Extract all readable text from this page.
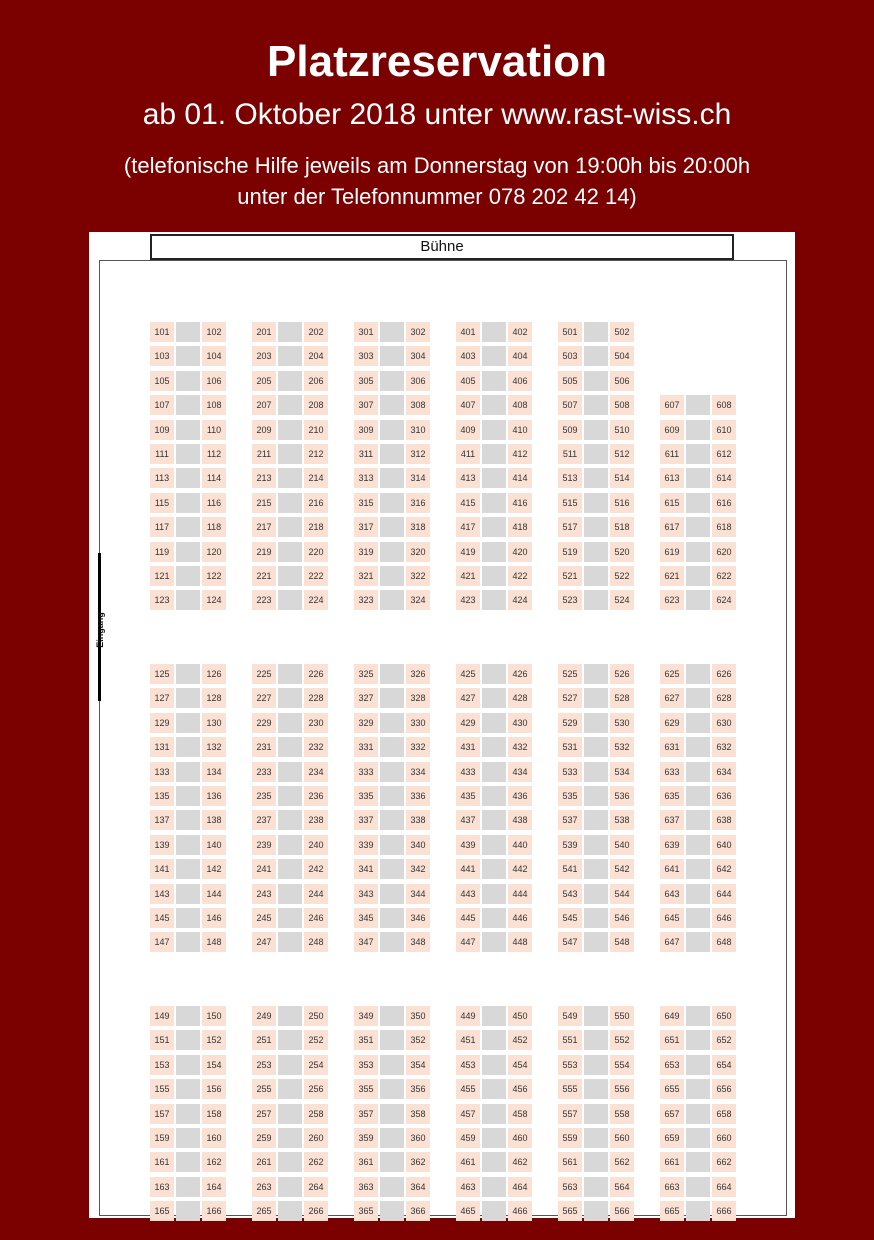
Platzreservation
ab 01. Oktober 2018 unter www.rast-wiss.ch
(telefonische Hilfe jeweils am Donnerstag von 19:00h bis 20:00h
unter der Telefonnummer 078 202 42 14)
Bühne
Eingang
101	102
103	104
105	106
107	108
109	110
111	112
113	114
115	116
117	118
119	120
121	122
123	124
201	202
203	204
205	206
207	208
209	210
211	212
213	214
215	216
217	218
219	220
221	222
223	224
301	302
303	304
305	306
307	308
309	310
311	312
313	314
315	316
317	318
319	320
321	322
323	324
401	402
403	404
405	406
407	408
409	410
411	412
413	414
415	416
417	418
419	420
421	422
423	424
501	502
503	504
505	506
507	508
509	510
511	512
513	514
515	516
517	518
519	520
521	522
523	524
607	608
609	610
611	612
613	614
615	616
617	618
619	620
621	622
623	624
125	126
127	128
129	130
131	132
133	134
135	136
137	138
139	140
141	142
143	144
145	146
147	148
225	226
227	228
229	230
231	232
233	234
235	236
237	238
239	240
241	242
243	244
245	246
247	248
325	326
327	328
329	330
331	332
333	334
335	336
337	338
339	340
341	342
343	344
345	346
347	348
425	426
427	428
429	430
431	432
433	434
435	436
437	438
439	440
441	442
443	444
445	446
447	448
525	526
527	528
529	530
531	532
533	534
535	536
537	538
539	540
541	542
543	544
545	546
547	548
625	626
627	628
629	630
631	632
633	634
635	636
637	638
639	640
641	642
643	644
645	646
647	648
149	150
151	152
153	154
155	156
157	158
159	160
161	162
163	164
165	166
249	250
251	252
253	254
255	256
257	258
259	260
261	262
263	264
265	266
349	350
351	352
353	354
355	356
357	358
359	360
361	362
363	364
365	366
449	450
451	452
453	454
455	456
457	458
459	460
461	462
463	464
465	466
549	550
551	552
553	554
555	556
557	558
559	560
561	562
563	564
565	566
649	650
651	652
653	654
655	656
657	658
659	660
661	662
663	664
665	666
